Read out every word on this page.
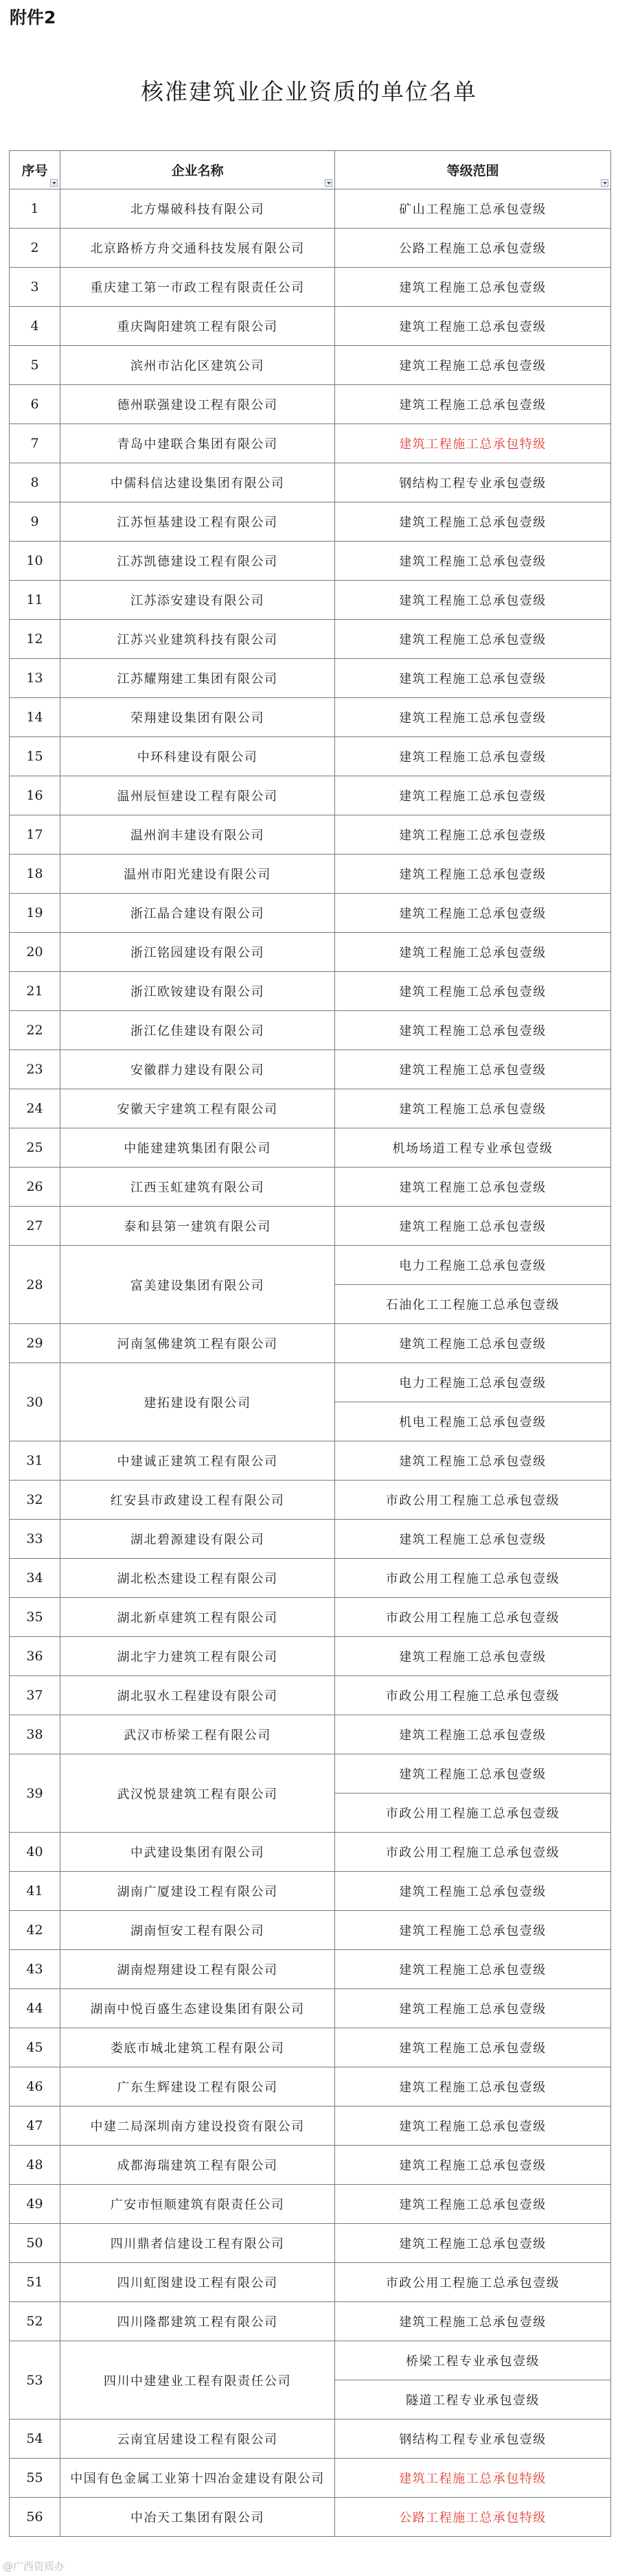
附件2
核准建筑业企业资质的单位名单
序号	企业名称	等级范围

1	北方爆破科技有限公司	矿山工程施工总承包壹级
2	北京路桥方舟交通科技发展有限公司	公路工程施工总承包壹级
3	重庆建工第一市政工程有限责任公司	建筑工程施工总承包壹级
4	重庆陶阳建筑工程有限公司	建筑工程施工总承包壹级
5	滨州市沾化区建筑公司	建筑工程施工总承包壹级
6	德州联强建设工程有限公司	建筑工程施工总承包壹级
7	青岛中建联合集团有限公司	建筑工程施工总承包特级
8	中儒科信达建设集团有限公司	钢结构工程专业承包壹级
9	江苏恒基建设工程有限公司	建筑工程施工总承包壹级
10	江苏凯德建设工程有限公司	建筑工程施工总承包壹级
11	江苏添安建设有限公司	建筑工程施工总承包壹级
12	江苏兴业建筑科技有限公司	建筑工程施工总承包壹级
13	江苏耀翔建工集团有限公司	建筑工程施工总承包壹级
14	荣翔建设集团有限公司	建筑工程施工总承包壹级
15	中环科建设有限公司	建筑工程施工总承包壹级
16	温州辰恒建设工程有限公司	建筑工程施工总承包壹级
17	温州润丰建设有限公司	建筑工程施工总承包壹级
18	温州市阳光建设有限公司	建筑工程施工总承包壹级
19	浙江晶合建设有限公司	建筑工程施工总承包壹级
20	浙江铭园建设有限公司	建筑工程施工总承包壹级
21	浙江欧铵建设有限公司	建筑工程施工总承包壹级
22	浙江亿佳建设有限公司	建筑工程施工总承包壹级
23	安徽群力建设有限公司	建筑工程施工总承包壹级
24	安徽天宇建筑工程有限公司	建筑工程施工总承包壹级
25	中能建建筑集团有限公司	机场场道工程专业承包壹级
26	江西玉虹建筑有限公司	建筑工程施工总承包壹级
27	泰和县第一建筑有限公司	建筑工程施工总承包壹级
28	富美建设集团有限公司	电力工程施工总承包壹级
		石油化工工程施工总承包壹级
29	河南氢佛建筑工程有限公司	建筑工程施工总承包壹级
30	建拓建设有限公司	电力工程施工总承包壹级
		机电工程施工总承包壹级
31	中建诚正建筑工程有限公司	建筑工程施工总承包壹级
32	红安县市政建设工程有限公司	市政公用工程施工总承包壹级
33	湖北碧源建设有限公司	建筑工程施工总承包壹级
34	湖北松杰建设工程有限公司	市政公用工程施工总承包壹级
35	湖北新卓建筑工程有限公司	市政公用工程施工总承包壹级
36	湖北宇力建筑工程有限公司	建筑工程施工总承包壹级
37	湖北驭水工程建设有限公司	市政公用工程施工总承包壹级
38	武汉市桥梁工程有限公司	建筑工程施工总承包壹级
39	武汉悦景建筑工程有限公司	建筑工程施工总承包壹级
		市政公用工程施工总承包壹级
40	中武建设集团有限公司	市政公用工程施工总承包壹级
41	湖南广厦建设工程有限公司	建筑工程施工总承包壹级
42	湖南恒安工程有限公司	建筑工程施工总承包壹级
43	湖南煜翔建设工程有限公司	建筑工程施工总承包壹级
44	湖南中悦百盛生态建设集团有限公司	建筑工程施工总承包壹级
45	娄底市城北建筑工程有限公司	建筑工程施工总承包壹级
46	广东生辉建设工程有限公司	建筑工程施工总承包壹级
47	中建二局深圳南方建设投资有限公司	建筑工程施工总承包壹级
48	成都海瑞建筑工程有限公司	建筑工程施工总承包壹级
49	广安市恒顺建筑有限责任公司	建筑工程施工总承包壹级
50	四川鼎者信建设工程有限公司	建筑工程施工总承包壹级
51	四川虹图建设工程有限公司	市政公用工程施工总承包壹级
52	四川隆都建筑工程有限公司	建筑工程施工总承包壹级
53	四川中建建业工程有限责任公司	桥梁工程专业承包壹级
		隧道工程专业承包壹级
54	云南宜居建设工程有限公司	钢结构工程专业承包壹级
55	中国有色金属工业第十四冶金建设有限公司	建筑工程施工总承包特级
56	中冶天工集团有限公司	公路工程施工总承包特级
@广西资质办
